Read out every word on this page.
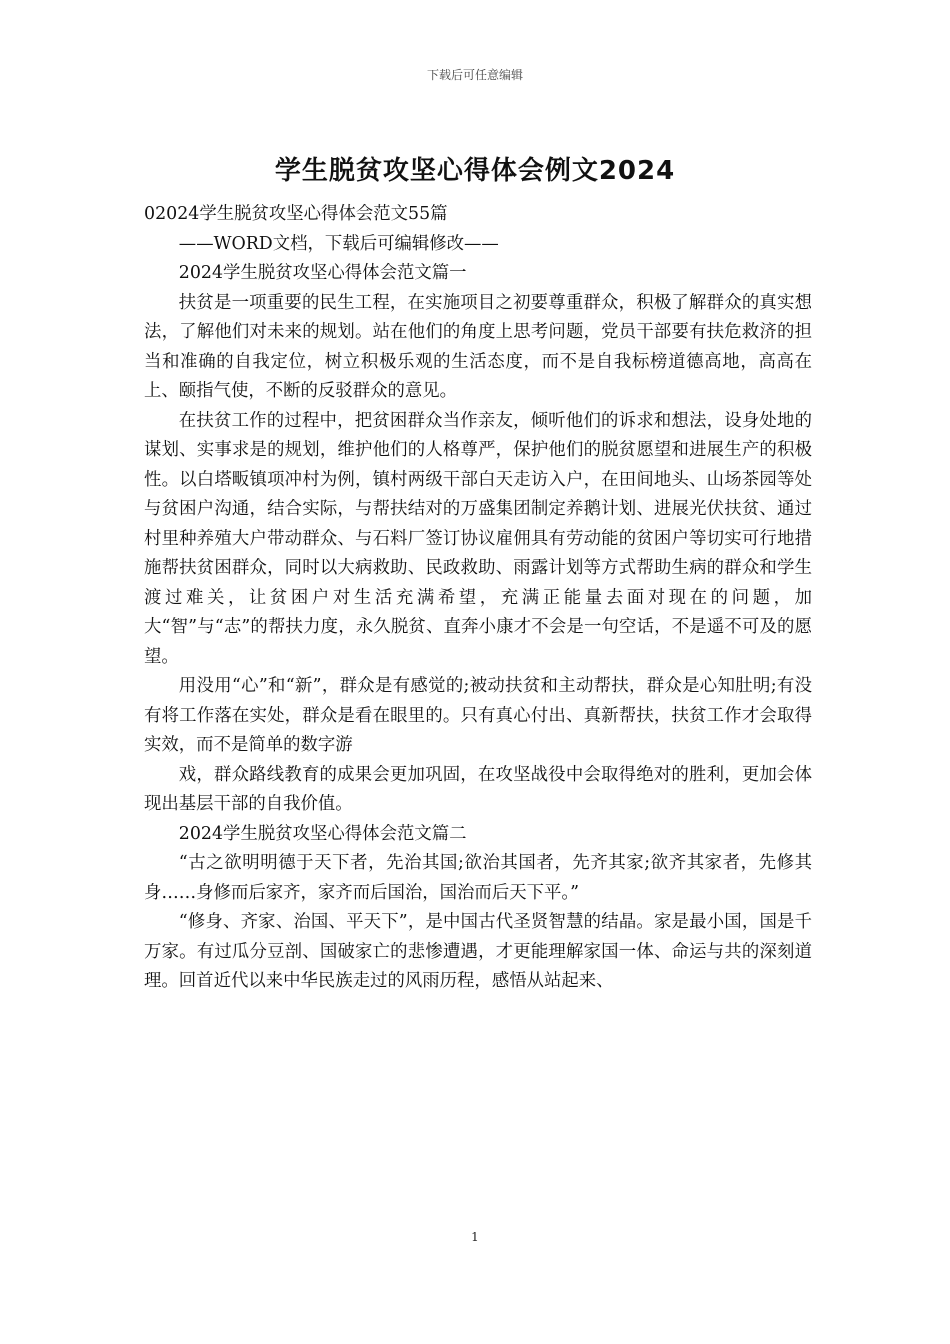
下载后可任意编辑
学生脱贫攻坚心得体会例文2024

02024学生脱贫攻坚心得体会范文55篇

——WORD文档，下载后可编辑修改——

2024学生脱贫攻坚心得体会范文篇一

扶贫是一项重要的民生工程，在实施项目之初要尊重群众，积极了解群众的真实想法，了解他们对未来的规划。站在他们的角度上思考问题，党员干部要有扶危救济的担当和准确的自我定位，树立积极乐观的生活态度，而不是自我标榜道德高地，高高在上、颐指气使，不断的反驳群众的意见。

在扶贫工作的过程中，把贫困群众当作亲友，倾听他们的诉求和想法，设身处地的谋划、实事求是的规划，维护他们的人格尊严，保护他们的脱贫愿望和进展生产的积极性。以白塔畈镇项冲村为例，镇村两级干部白天走访入户，在田间地头、山场茶园等处与贫困户沟通，结合实际，与帮扶结对的万盛集团制定养鹅计划、进展光伏扶贫、通过村里种养殖大户带动群众、与石料厂签订协议雇佣具有劳动能的贫困户等切实可行地措施帮扶贫困群众，同时以大病救助、民政救助、雨露计划等方式帮助生病的群众和学生渡过难关，让贫困户对生活充满希望，充满正能量去面对现在的问题，加大“智”与“志”的帮扶力度，永久脱贫、直奔小康才不会是一句空话，不是遥不可及的愿望。

用没用“心”和“新”，群众是有感觉的;被动扶贫和主动帮扶，群众是心知肚明;有没有将工作落在实处，群众是看在眼里的。只有真心付出、真新帮扶，扶贫工作才会取得实效，而不是简单的数字游

戏，群众路线教育的成果会更加巩固，在攻坚战役中会取得绝对的胜利，更加会体现出基层干部的自我价值。

2024学生脱贫攻坚心得体会范文篇二

“古之欲明明德于天下者，先治其国;欲治其国者，先齐其家;欲齐其家者，先修其身……身修而后家齐，家齐而后国治，国治而后天下平。”

“修身、齐家、治国、平天下”，是中国古代圣贤智慧的结晶。家是最小国，国是千万家。有过瓜分豆剖、国破家亡的悲惨遭遇，才更能理解家国一体、命运与共的深刻道理。回首近代以来中华民族走过的风雨历程，感悟从站起来、

1
